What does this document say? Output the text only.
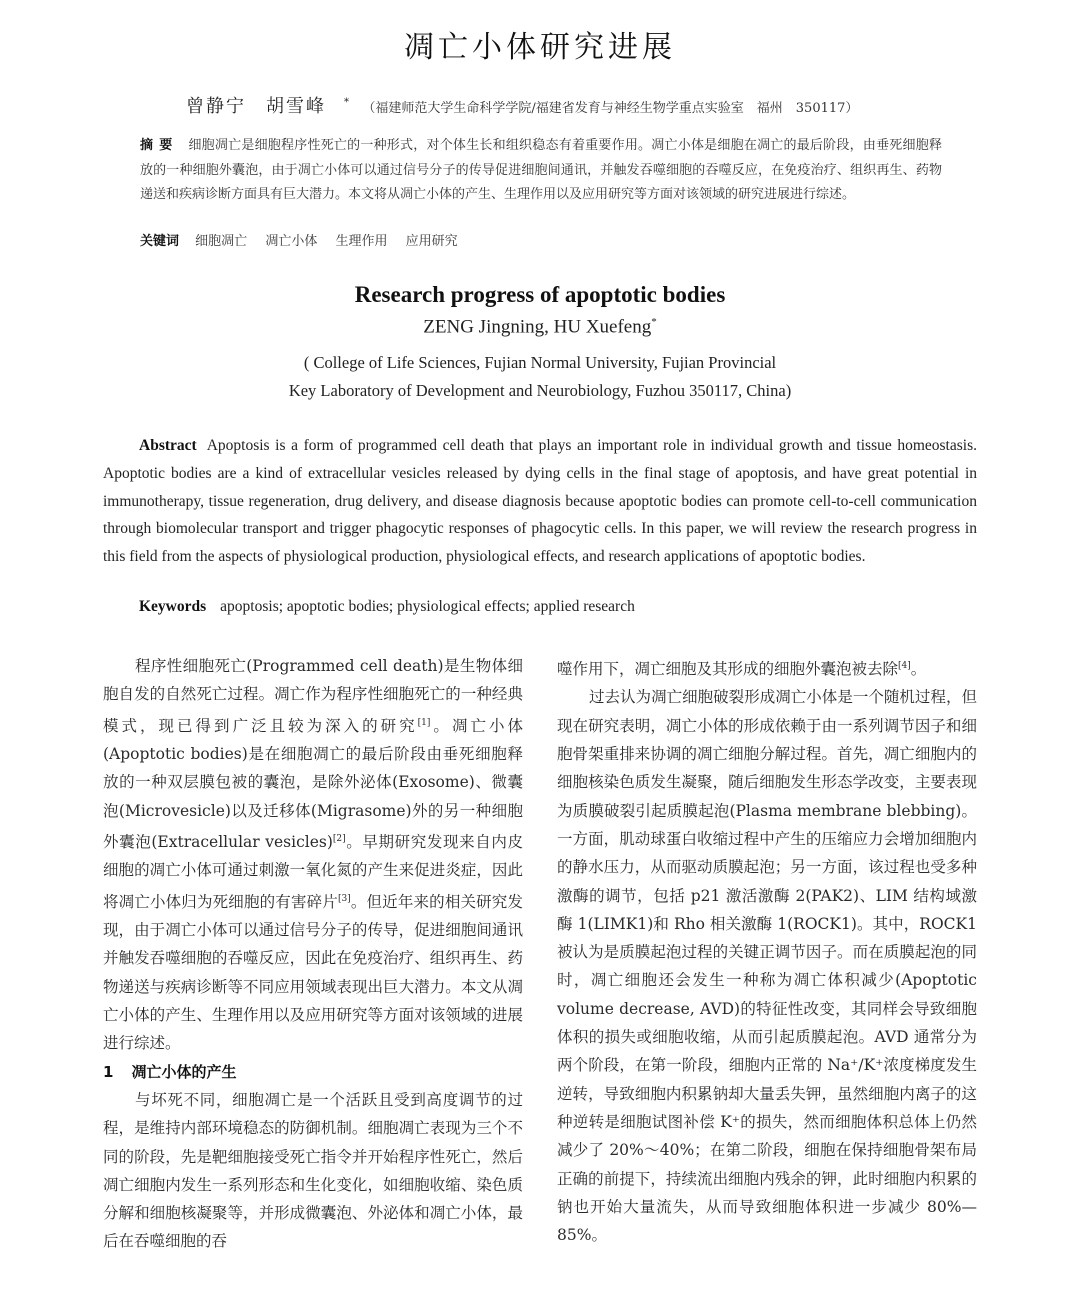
凋亡小体研究进展
曾静宁　胡雪峰 * （福建师范大学生命科学学院/福建省发育与神经生物学重点实验室　福州　350117）
摘要 细胞凋亡是细胞程序性死亡的一种形式，对个体生长和组织稳态有着重要作用。凋亡小体是细胞在凋亡的最后阶段，由垂死细胞释放的一种细胞外囊泡，由于凋亡小体可以通过信号分子的传导促进细胞间通讯，并触发吞噬细胞的吞噬反应，在免疫治疗、组织再生、药物递送和疾病诊断方面具有巨大潜力。本文将从凋亡小体的产生、生理作用以及应用研究等方面对该领域的研究进展进行综述。
关键词 细胞凋亡 凋亡小体 生理作用 应用研究
Research progress of apoptotic bodies
ZENG Jingning, HU Xuefeng*
( College of Life Sciences, Fujian Normal University, Fujian Provincial
Key Laboratory of Development and Neurobiology, Fuzhou 350117, China)
Abstract Apoptosis is a form of programmed cell death that plays an important role in individual growth and tissue homeostasis. Apoptotic bodies are a kind of extracellular vesicles released by dying cells in the final stage of apoptosis, and have great potential in immunotherapy, tissue regeneration, drug delivery, and disease diagnosis because apoptotic bodies can promote cell-to-cell communication through biomolecular transport and trigger phagocytic responses of phagocytic cells. In this paper, we will review the research progress in this field from the aspects of physiological production, physiological effects, and research applications of apoptotic bodies.
Keywords apoptosis; apoptotic bodies; physiological effects; applied research

程序性细胞死亡(Programmed cell death)是生物体细胞自发的自然死亡过程。凋亡作为程序性细胞死亡的一种经典模式，现已得到广泛且较为深入的研究[1]。凋亡小体(Apoptotic bodies)是在细胞凋亡的最后阶段由垂死细胞释放的一种双层膜包被的囊泡，是除外泌体(Exosome)、微囊泡(Microvesicle)以及迁移体(Migrasome)外的另一种细胞外囊泡(Extracellular vesicles)[2]。早期研究发现来自内皮细胞的凋亡小体可通过刺激一氧化氮的产生来促进炎症，因此将凋亡小体归为死细胞的有害碎片[3]。但近年来的相关研究发现，由于凋亡小体可以通过信号分子的传导，促进细胞间通讯并触发吞噬细胞的吞噬反应，因此在免疫治疗、组织再生、药物递送与疾病诊断等不同应用领域表现出巨大潜力。本文从凋亡小体的产生、生理作用以及应用研究等方面对该领域的进展进行综述。

1 凋亡小体的产生

与坏死不同，细胞凋亡是一个活跃且受到高度调节的过程，是维持内部环境稳态的防御机制。细胞凋亡表现为三个不同的阶段，先是靶细胞接受死亡指令并开始程序性死亡，然后凋亡细胞内发生一系列形态和生化变化，如细胞收缩、染色质分解和细胞核凝聚等，并形成微囊泡、外泌体和凋亡小体，最后在吞噬细胞的吞

噬作用下，凋亡细胞及其形成的细胞外囊泡被去除[4]。

过去认为凋亡细胞破裂形成凋亡小体是一个随机过程，但现在研究表明，凋亡小体的形成依赖于由一系列调节因子和细胞骨架重排来协调的凋亡细胞分解过程。首先，凋亡细胞内的细胞核染色质发生凝聚，随后细胞发生形态学改变，主要表现为质膜破裂引起质膜起泡(Plasma membrane blebbing)。一方面，肌动球蛋白收缩过程中产生的压缩应力会增加细胞内的静水压力，从而驱动质膜起泡；另一方面，该过程也受多种激酶的调节，包括 p21 激活激酶 2(PAK2)、LIM 结构域激酶 1(LIMK1)和 Rho 相关激酶 1(ROCK1)。其中，ROCK1 被认为是质膜起泡过程的关键正调节因子。而在质膜起泡的同时，凋亡细胞还会发生一种称为凋亡体积减少(Apoptotic volume decrease, AVD)的特征性改变，其同样会导致细胞体积的损失或细胞收缩，从而引起质膜起泡。AVD 通常分为两个阶段，在第一阶段，细胞内正常的 Na⁺/K⁺浓度梯度发生逆转，导致细胞内积累钠却大量丢失钾，虽然细胞内离子的这种逆转是细胞试图补偿 K⁺的损失，然而细胞体积总体上仍然减少了 20%～40%；在第二阶段，细胞在保持细胞骨架布局正确的前提下，持续流出细胞内残余的钾，此时细胞内积累的钠也开始大量流失，从而导致细胞体积进一步减少 80%—85%。
